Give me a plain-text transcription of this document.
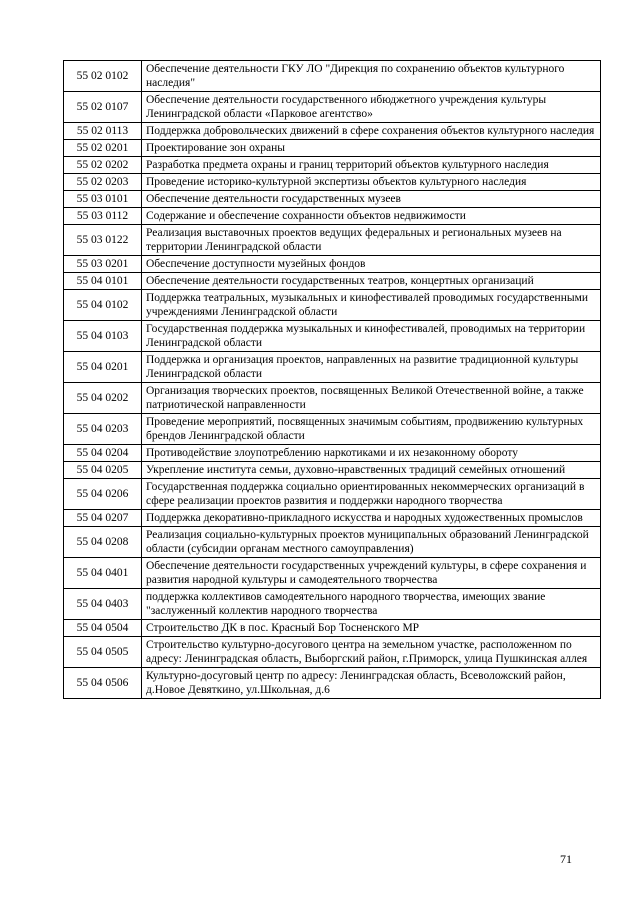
55 02 0102	Обеспечение деятельности ГКУ ЛО "Дирекция по сохранению объектов культурного наследия"
55 02 0107	Обеспечение деятельности государственного ибюджетного учреждения культуры Ленинградской области «Парковое агентство»
55 02 0113	Поддержка добровольческих движений в сфере сохранения объектов культурного наследия
55 02 0201	Проектирование зон охраны
55 02 0202	Разработка предмета охраны и границ территорий объектов культурного наследия
55 02 0203	Проведение историко-культурной экспертизы объектов культурного наследия
55 03 0101	Обеспечение деятельности государственных музеев
55 03 0112	Содержание и обеспечение сохранности объектов недвижимости
55 03 0122	Реализация выставочных проектов ведущих федеральных и региональных музеев на территории Ленинградской области
55 03 0201	Обеспечение доступности музейных фондов
55 04 0101	Обеспечение деятельности государственных театров, концертных организаций
55 04 0102	Поддержка театральных, музыкальных и кинофестивалей проводимых государственными учреждениями Ленинградской области
55 04 0103	Государственная поддержка музыкальных и кинофестивалей, проводимых на территории Ленинградской области
55 04 0201	Поддержка и организация проектов, направленных на развитие традиционной культуры Ленинградской области
55 04 0202	Организация творческих проектов, посвященных Великой Отечественной войне, а также патриотической направленности
55 04 0203	Проведение мероприятий, посвященных значимым событиям, продвижению культурных брендов Ленинградской области
55 04 0204	Противодействие злоупотреблению наркотиками и их незаконному обороту
55 04 0205	Укрепление института семьи, духовно-нравственных традиций семейных отношений
55 04 0206	Государственная поддержка социально ориентированных некоммерческих организаций в сфере реализации проектов развития и поддержки народного творчества
55 04 0207	Поддержка декоративно-прикладного искусства и народных художественных промыслов
55 04 0208	Реализация социально-культурных проектов муниципальных образований Ленинградской области (субсидии органам местного самоуправления)
55 04 0401	Обеспечение деятельности государственных учреждений культуры, в сфере сохранения и развития народной культуры и самодеятельного творчества
55 04 0403	поддержка коллективов самодеятельного народного творчества, имеющих звание "заслуженный коллектив народного творчества
55 04 0504	Строительство ДК в пос. Красный Бор Тосненского МР
55 04 0505	Строительство культурно-досугового центра на земельном участке, расположенном по адресу: Ленинградская область, Выборгский район, г.Приморск, улица Пушкинская аллея
55 04 0506	Культурно-досуговый центр по адресу: Ленинградская область, Всеволожский район, д.Новое Девяткино, ул.Школьная, д.6
71
